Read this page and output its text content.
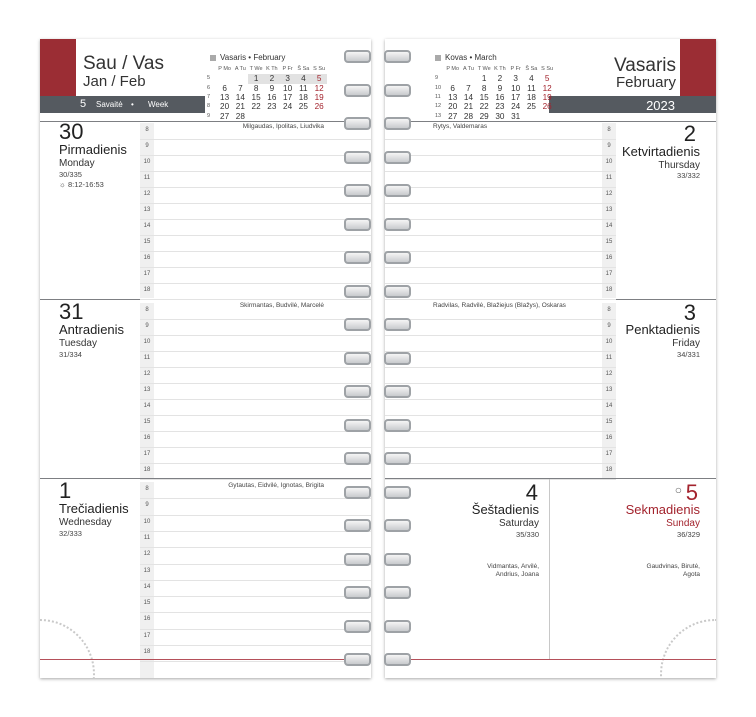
Sau / Vas
Jan / Feb
5 Savaitė • Week
Vasaris • February
	P Mo	A Tu	T We	K Th	P Fr	Š Sa	S Su
5			1	2	3	4	5
6	6	7	8	9	10	11	12
7	13	14	15	16	17	18	19
8	20	21	22	23	24	25	26
9	27	28					
8
9
10
11
12
13
14
15
16
17
18
8
9
10
11
12
13
14
15
16
17
18
8
9
10
11
12
13
14
15
16
17
18
30
Pirmadienis
Monday
30/335
☼ 8:12-16:53
Milgaudas, Ipolitas, Liudvika
31
Antradienis
Tuesday
31/334
Skirmantas, Budvilė, Marcelė
1
Trečiadienis
Wednesday
32/333
Gytautas, Eidvilė, Ignotas, Brigita
Vasaris
February
2023
Kovas • March
	P Mo	A Tu	T We	K Th	P Fr	Š Sa	S Su
9			1	2	3	4	5
10	6	7	8	9	10	11	12
11	13	14	15	16	17	18	19
12	20	21	22	23	24	25	26
13	27	28	29	30	31		
8
9
10
11
12
13
14
15
16
17
18
8
9
10
11
12
13
14
15
16
17
18
2
Ketvirtadienis
Thursday
33/332
Rytys, Valdemaras
3
Penktadienis
Friday
34/331
Radvilas, Radvilė, Blažiejus (Blažys), Oskaras
4
Šeštadienis
Saturday
35/330
Vidmantas, Arvilė,
Andrius, Joana
○ 5
Sekmadienis
Sunday
36/329
Gaudvinas, Birutė,
Agota
